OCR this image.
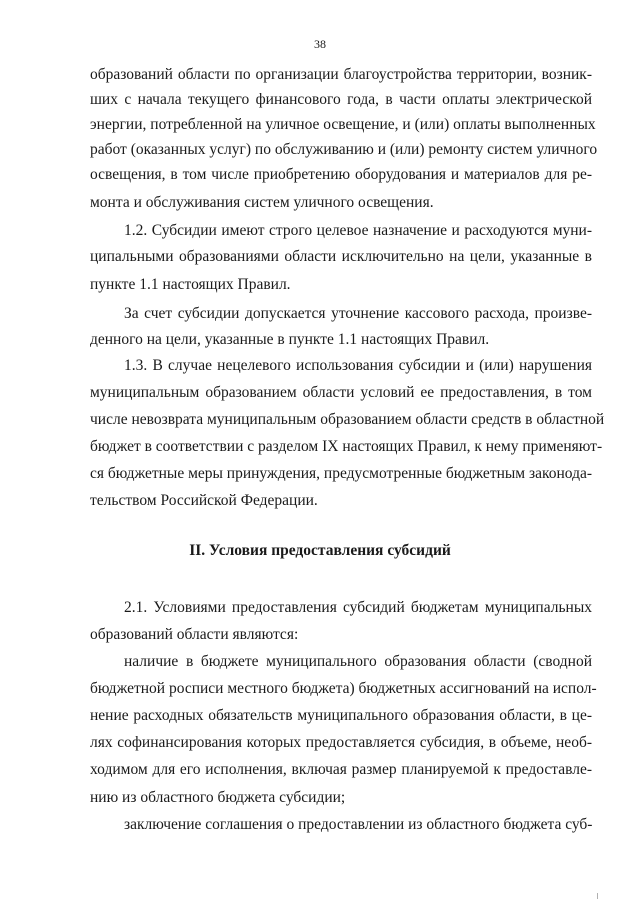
38
образований области по организации благоустройства территории, возник-
ших с начала текущего финансового года, в части оплаты электрической
энергии, потребленной на уличное освещение, и (или) оплаты выполненных
работ (оказанных услуг) по обслуживанию и (или) ремонту систем уличного
освещения, в том числе приобретению оборудования и материалов для ре-
монта и обслуживания систем уличного освещения.
1.2. Субсидии имеют строго целевое назначение и расходуются муни-
ципальными образованиями области исключительно на цели, указанные в
пункте 1.1 настоящих Правил.
За счет субсидии допускается уточнение кассового расхода, произве-
денного на цели, указанные в пункте 1.1 настоящих Правил.
1.3. В случае нецелевого использования субсидии и (или) нарушения
муниципальным образованием области условий ее предоставления, в том
числе невозврата муниципальным образованием области средств в областной
бюджет в соответствии с разделом IX настоящих Правил, к нему применяют-
ся бюджетные меры принуждения, предусмотренные бюджетным законода-
тельством Российской Федерации.
II. Условия предоставления субсидий
2.1. Условиями предоставления субсидий бюджетам муниципальных
образований области являются:
наличие в бюджете муниципального образования области (сводной
бюджетной росписи местного бюджета) бюджетных ассигнований на испол-
нение расходных обязательств муниципального образования области, в це-
лях софинансирования которых предоставляется субсидия, в объеме, необ-
ходимом для его исполнения, включая размер планируемой к предоставле-
нию из областного бюджета субсидии;
заключение соглашения о предоставлении из областного бюджета суб-
